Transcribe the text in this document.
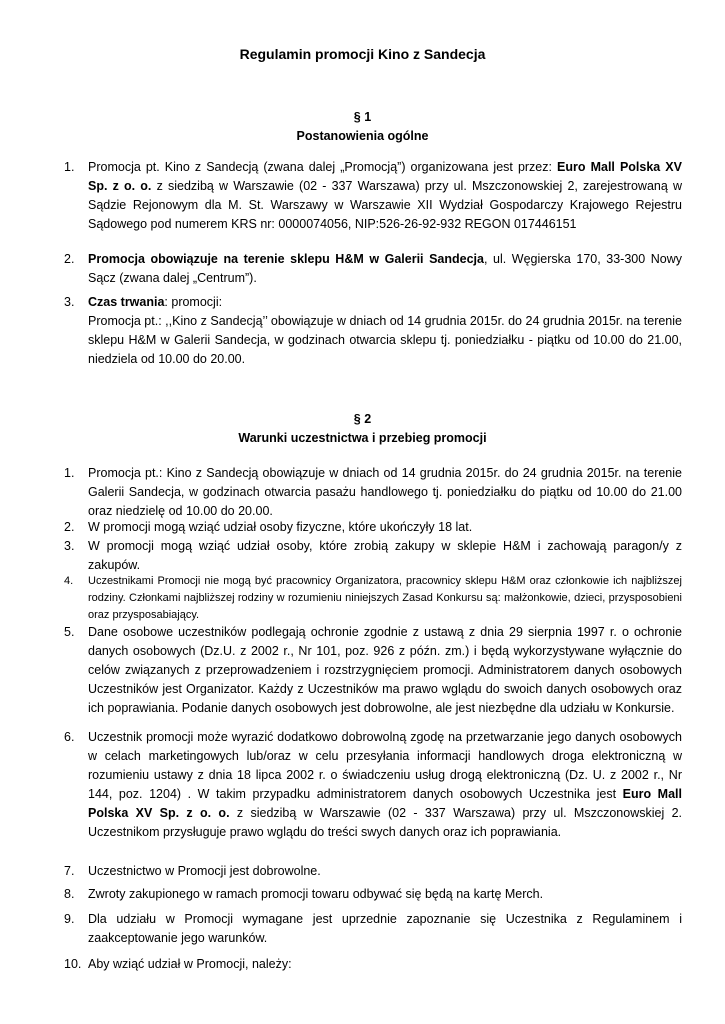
Regulamin promocji Kino z Sandecja
§ 1
Postanowienia ogólne
1.	Promocja pt. Kino z Sandecją (zwana dalej „Promocją”) organizowana jest przez: Euro Mall Polska XV Sp. z o. o. z siedzibą w Warszawie (02 - 337 Warszawa) przy ul. Mszczonowskiej 2, zarejestrowaną w Sądzie Rejonowym dla M. St. Warszawy w Warszawie XII Wydział Gospodarczy Krajowego Rejestru Sądowego pod numerem KRS nr: 0000074056, NIP:526-26-92-932 REGON 017446151
2.	Promocja obowiązuje na terenie sklepu H&M w Galerii Sandecja, ul. Węgierska 170, 33-300 Nowy Sącz (zwana dalej „Centrum”).
3.	Czas trwania: promocji:
Promocja pt.: ,,Kino z Sandecją’’ obowiązuje w dniach od 14 grudnia 2015r. do 24 grudnia 2015r. na terenie sklepu H&M w Galerii Sandecja, w godzinach otwarcia sklepu tj. poniedziałku - piątku od 10.00 do 21.00, niedziela od 10.00 do 20.00.
§ 2
Warunki uczestnictwa i przebieg promocji
1.	Promocja pt.: Kino z Sandecją obowiązuje w dniach od 14 grudnia 2015r. do 24 grudnia 2015r. na terenie Galerii Sandecja, w godzinach otwarcia pasażu handlowego tj. poniedziałku do piątku od 10.00 do 21.00 oraz niedzielę od 10.00 do 20.00.
2.	W promocji mogą wziąć udział osoby fizyczne, które ukończyły 18 lat.
3.	W promocji mogą wziąć udział osoby, które zrobią zakupy w sklepie H&M i zachowają paragon/y z zakupów.
4.	Uczestnikami Promocji nie mogą być pracownicy Organizatora, pracownicy sklepu H&M oraz członkowie ich najbliższej rodziny. Członkami najbliższej rodziny w rozumieniu niniejszych Zasad Konkursu są: małżonkowie, dzieci, przysposobieni oraz przysposabiający.
5.	Dane osobowe uczestników podlegają ochronie zgodnie z ustawą z dnia 29 sierpnia 1997 r. o ochronie danych osobowych (Dz.U. z 2002 r., Nr 101, poz. 926 z późn. zm.) i będą wykorzystywane wyłącznie do celów związanych z przeprowadzeniem i rozstrzygnięciem promocji. Administratorem danych osobowych Uczestników jest Organizator. Każdy z Uczestników ma prawo wglądu do swoich danych osobowych oraz ich poprawiania. Podanie danych osobowych jest dobrowolne, ale jest niezbędne dla udziału w Konkursie.
6.	Uczestnik promocji może wyrazić dodatkowo dobrowolną zgodę na przetwarzanie jego danych osobowych w celach marketingowych lub/oraz w celu przesyłania informacji handlowych droga elektroniczną w rozumieniu ustawy z dnia 18 lipca 2002 r. o świadczeniu usług drogą elektroniczną (Dz. U. z 2002 r., Nr 144, poz. 1204) . W takim przypadku administratorem danych osobowych Uczestnika jest Euro Mall Polska XV Sp. z o. o. z siedzibą w Warszawie (02 - 337 Warszawa) przy ul. Mszczonowskiej 2. Uczestnikom przysługuje prawo wglądu do treści swych danych oraz ich poprawiania.
7.	Uczestnictwo w Promocji jest dobrowolne.
8.	Zwroty zakupionego w ramach promocji towaru odbywać się będą na kartę Merch.
9.	Dla udziału w Promocji wymagane jest uprzednie zapoznanie się Uczestnika z Regulaminem i zaakceptowanie jego warunków.
10. Aby wziąć udział w Promocji, należy:
